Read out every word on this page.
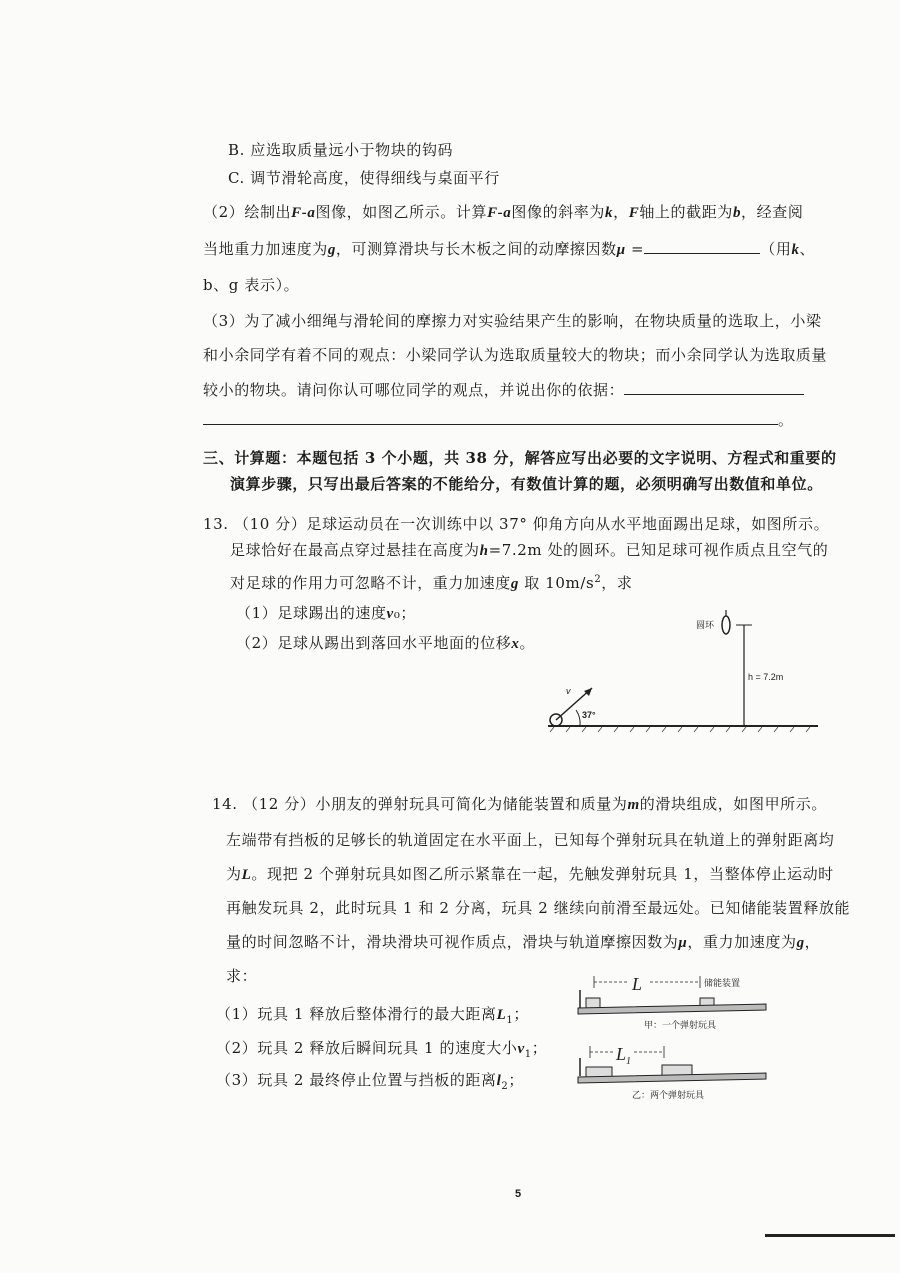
B. 应选取质量远小于物块的钩码
C. 调节滑轮高度，使得细线与桌面平行
（2）绘制出F-a图像，如图乙所示。计算F-a图像的斜率为k，F轴上的截距为b，经查阅
当地重力加速度为g，可测算滑块与长木板之间的动摩擦因数μ =	（用k、
b、g 表示）。
（3）为了减小细绳与滑轮间的摩擦力对实验结果产生的影响，在物块质量的选取上，小梁
和小余同学有着不同的观点：小梁同学认为选取质量较大的物块；而小余同学认为选取质量
较小的物块。请问你认可哪位同学的观点，并说出你的依据：
。
三、计算题：本题包括 3 个小题，共 38 分，解答应写出必要的文字说明、方程式和重要的
演算步骤，只写出最后答案的不能给分，有数值计算的题，必须明确写出数值和单位。
13. （10 分）足球运动员在一次训练中以 37° 仰角方向从水平地面踢出足球，如图所示。
足球恰好在最高点穿过悬挂在高度为h=7.2m 处的圆环。已知足球可视作质点且空气的
对足球的作用力可忽略不计，重力加速度g 取 $10m/s^2$，求
（1）足球踢出的速度v₀；
（2）足球从踢出到落回水平地面的位移x。
v
37°
圆环
h = 7.2m
14. （12 分）小朋友的弹射玩具可简化为储能装置和质量为m的滑块组成，如图甲所示。
左端带有挡板的足够长的轨道固定在水平面上，已知每个弹射玩具在轨道上的弹射距离均
为L。现把 2 个弹射玩具如图乙所示紧靠在一起，先触发弹射玩具 1，当整体停止运动时
再触发玩具 2，此时玩具 1 和 2 分离，玩具 2 继续向前滑至最远处。已知储能装置释放能
量的时间忽略不计，滑块滑块可视作质点，滑块与轨道摩擦因数为μ，重力加速度为g，
求：
（1）玩具 1 释放后整体滑行的最大距离$L_1$；
（2）玩具 2 释放后瞬间玩具 1 的速度大小$v_1$；
（3）玩具 2 最终停止位置与挡板的距离$l_2$；
L	储能装置
甲：一个弹射玩具
$L_1$
乙：两个弹射玩具
5
